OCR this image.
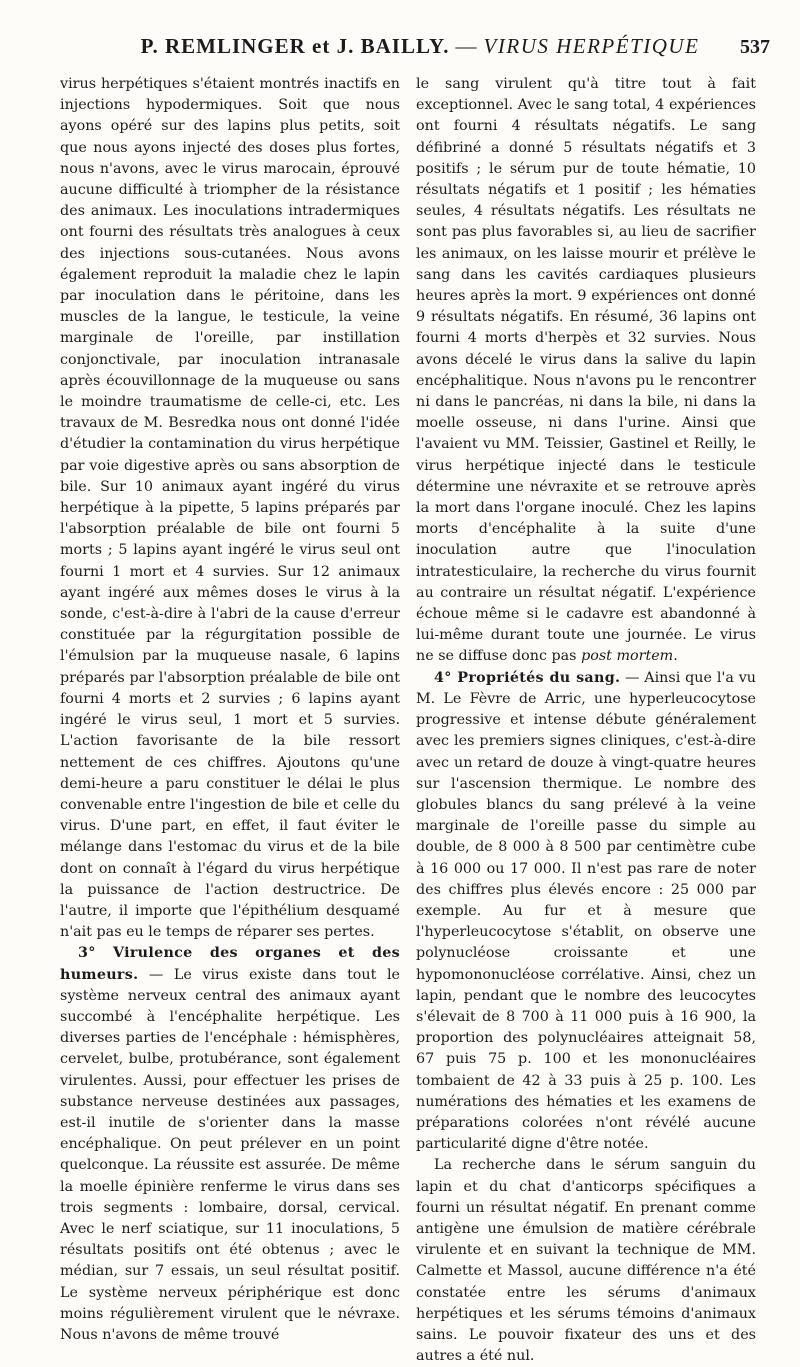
P. REMLINGER et J. BAILLY. — VIRUS HERPÉTIQUE 537

virus herpétiques s'étaient montrés inactifs en injections hypodermiques. Soit que nous ayons opéré sur des lapins plus petits, soit que nous ayons injecté des doses plus fortes, nous n'avons, avec le virus marocain, éprouvé aucune difficulté à triompher de la résistance des animaux. Les inoculations intradermiques ont fourni des résultats très analogues à ceux des injections sous-cutanées. Nous avons également reproduit la maladie chez le lapin par inoculation dans le péritoine, dans les muscles de la langue, le testicule, la veine marginale de l'oreille, par instillation conjonctivale, par inoculation intranasale après écouvillonnage de la muqueuse ou sans le moindre traumatisme de celle-ci, etc. Les travaux de M. Besredka nous ont donné l'idée d'étudier la contamination du virus herpétique par voie digestive après ou sans absorption de bile. Sur 10 animaux ayant ingéré du virus herpétique à la pipette, 5 lapins préparés par l'absorption préalable de bile ont fourni 5 morts ; 5 lapins ayant ingéré le virus seul ont fourni 1 mort et 4 survies. Sur 12 animaux ayant ingéré aux mêmes doses le virus à la sonde, c'est-à-dire à l'abri de la cause d'erreur constituée par la régurgitation possible de l'émulsion par la muqueuse nasale, 6 lapins préparés par l'absorption préalable de bile ont fourni 4 morts et 2 survies ; 6 lapins ayant ingéré le virus seul, 1 mort et 5 survies. L'action favorisante de la bile ressort nettement de ces chiffres. Ajoutons qu'une demi-heure a paru constituer le délai le plus convenable entre l'ingestion de bile et celle du virus. D'une part, en effet, il faut éviter le mélange dans l'estomac du virus et de la bile dont on connaît à l'égard du virus herpétique la puissance de l'action destructrice. De l'autre, il importe que l'épithélium desquamé n'ait pas eu le temps de réparer ses pertes.

3° Virulence des organes et des humeurs. — Le virus existe dans tout le système nerveux central des animaux ayant succombé à l'encéphalite herpétique. Les diverses parties de l'encéphale : hémisphères, cervelet, bulbe, protubérance, sont également virulentes. Aussi, pour effectuer les prises de substance nerveuse destinées aux passages, est-il inutile de s'orienter dans la masse encéphalique. On peut prélever en un point quelconque. La réussite est assurée. De même la moelle épinière renferme le virus dans ses trois segments : lombaire, dorsal, cervical. Avec le nerf sciatique, sur 11 inoculations, 5 résultats positifs ont été obtenus ; avec le médian, sur 7 essais, un seul résultat positif. Le système nerveux périphérique est donc moins régulièrement virulent que le névraxe. Nous n'avons de même trouvé

le sang virulent qu'à titre tout à fait exceptionnel. Avec le sang total, 4 expériences ont fourni 4 résultats négatifs. Le sang défibriné a donné 5 résultats négatifs et 3 positifs ; le sérum pur de toute hématie, 10 résultats négatifs et 1 positif ; les hématies seules, 4 résultats négatifs. Les résultats ne sont pas plus favorables si, au lieu de sacrifier les animaux, on les laisse mourir et prélève le sang dans les cavités cardiaques plusieurs heures après la mort. 9 expériences ont donné 9 résultats négatifs. En résumé, 36 lapins ont fourni 4 morts d'herpès et 32 survies. Nous avons décelé le virus dans la salive du lapin encéphalitique. Nous n'avons pu le rencontrer ni dans le pancréas, ni dans la bile, ni dans la moelle osseuse, ni dans l'urine. Ainsi que l'avaient vu MM. Teissier, Gastinel et Reilly, le virus herpétique injecté dans le testicule détermine une névraxite et se retrouve après la mort dans l'organe inoculé. Chez les lapins morts d'encéphalite à la suite d'une inoculation autre que l'inoculation intratesticulaire, la recherche du virus fournit au contraire un résultat négatif. L'expérience échoue même si le cadavre est abandonné à lui-même durant toute une journée. Le virus ne se diffuse donc pas post mortem.

4° Propriétés du sang. — Ainsi que l'a vu M. Le Fèvre de Arric, une hyperleucocytose progressive et intense débute généralement avec les premiers signes cliniques, c'est-à-dire avec un retard de douze à vingt-quatre heures sur l'ascension thermique. Le nombre des globules blancs du sang prélevé à la veine marginale de l'oreille passe du simple au double, de 8 000 à 8 500 par centimètre cube à 16 000 ou 17 000. Il n'est pas rare de noter des chiffres plus élevés encore : 25 000 par exemple. Au fur et à mesure que l'hyperleucocytose s'établit, on observe une polynucléose croissante et une hypomononucléose corrélative. Ainsi, chez un lapin, pendant que le nombre des leucocytes s'élevait de 8 700 à 11 000 puis à 16 900, la proportion des polynucléaires atteignait 58, 67 puis 75 p. 100 et les mononucléaires tombaient de 42 à 33 puis à 25 p. 100. Les numérations des hématies et les examens de préparations colorées n'ont révélé aucune particularité digne d'être notée.

La recherche dans le sérum sanguin du lapin et du chat d'anticorps spécifiques a fourni un résultat négatif. En prenant comme antigène une émulsion de matière cérébrale virulente et en suivant la technique de MM. Calmette et Massol, aucune différence n'a été constatée entre les sérums d'animaux herpétiques et les sérums témoins d'animaux sains. Le pouvoir fixateur des uns et des autres a été nul.
